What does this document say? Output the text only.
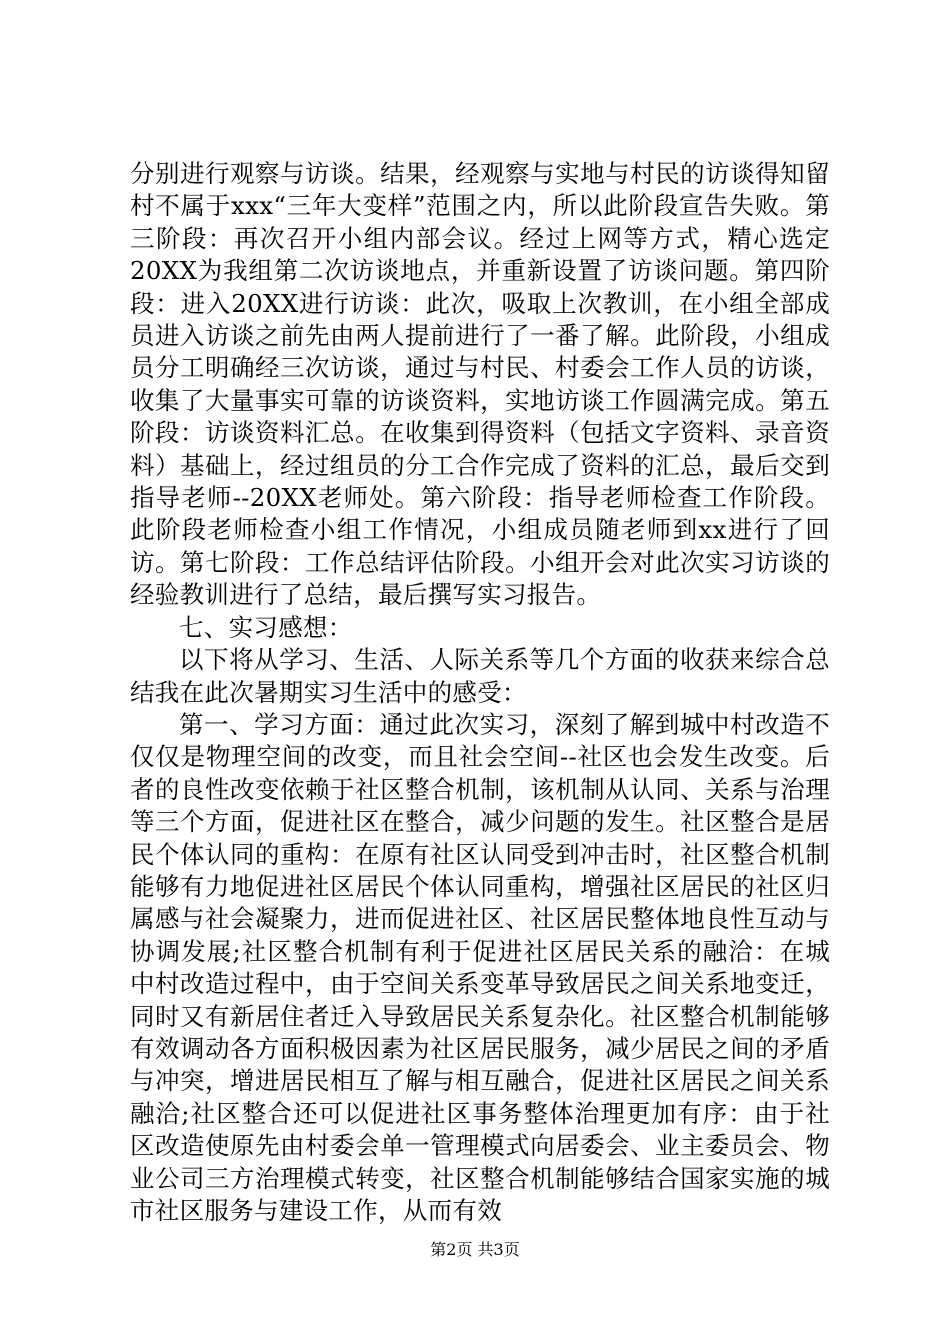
分别进行观察与访谈。结果，经观察与实地与村民的访谈得知留村不属于xxx“三年大变样”范围之内，所以此阶段宣告失败。第三阶段：再次召开小组内部会议。经过上网等方式，精心选定20XX为我组第二次访谈地点，并重新设置了访谈问题。第四阶段：进入20XX进行访谈：此次，吸取上次教训，在小组全部成员进入访谈之前先由两人提前进行了一番了解。此阶段，小组成员分工明确经三次访谈，通过与村民、村委会工作人员的访谈，收集了大量事实可靠的访谈资料，实地访谈工作圆满完成。第五阶段：访谈资料汇总。在收集到得资料（包括文字资料、录音资料）基础上，经过组员的分工合作完成了资料的汇总，最后交到指导老师--20XX老师处。第六阶段：指导老师检查工作阶段。此阶段老师检查小组工作情况，小组成员随老师到xx进行了回访。第七阶段：工作总结评估阶段。小组开会对此次实习访谈的经验教训进行了总结，最后撰写实习报告。

七、实习感想：

以下将从学习、生活、人际关系等几个方面的收获来综合总结我在此次暑期实习生活中的感受：

第一、学习方面：通过此次实习，深刻了解到城中村改造不仅仅是物理空间的改变，而且社会空间--社区也会发生改变。后者的良性改变依赖于社区整合机制，该机制从认同、关系与治理等三个方面，促进社区在整合，减少问题的发生。社区整合是居民个体认同的重构：在原有社区认同受到冲击时，社区整合机制能够有力地促进社区居民个体认同重构，增强社区居民的社区归属感与社会凝聚力，进而促进社区、社区居民整体地良性互动与协调发展;社区整合机制有利于促进社区居民关系的融洽：在城中村改造过程中，由于空间关系变革导致居民之间关系地变迁，同时又有新居住者迁入导致居民关系复杂化。社区整合机制能够有效调动各方面积极因素为社区居民服务，减少居民之间的矛盾与冲突，增进居民相互了解与相互融合，促进社区居民之间关系融洽;社区整合还可以促进社区事务整体治理更加有序：由于社区改造使原先由村委会单一管理模式向居委会、业主委员会、物业公司三方治理模式转变，社区整合机制能够结合国家实施的城市社区服务与建设工作，从而有效

第2页 共3页
